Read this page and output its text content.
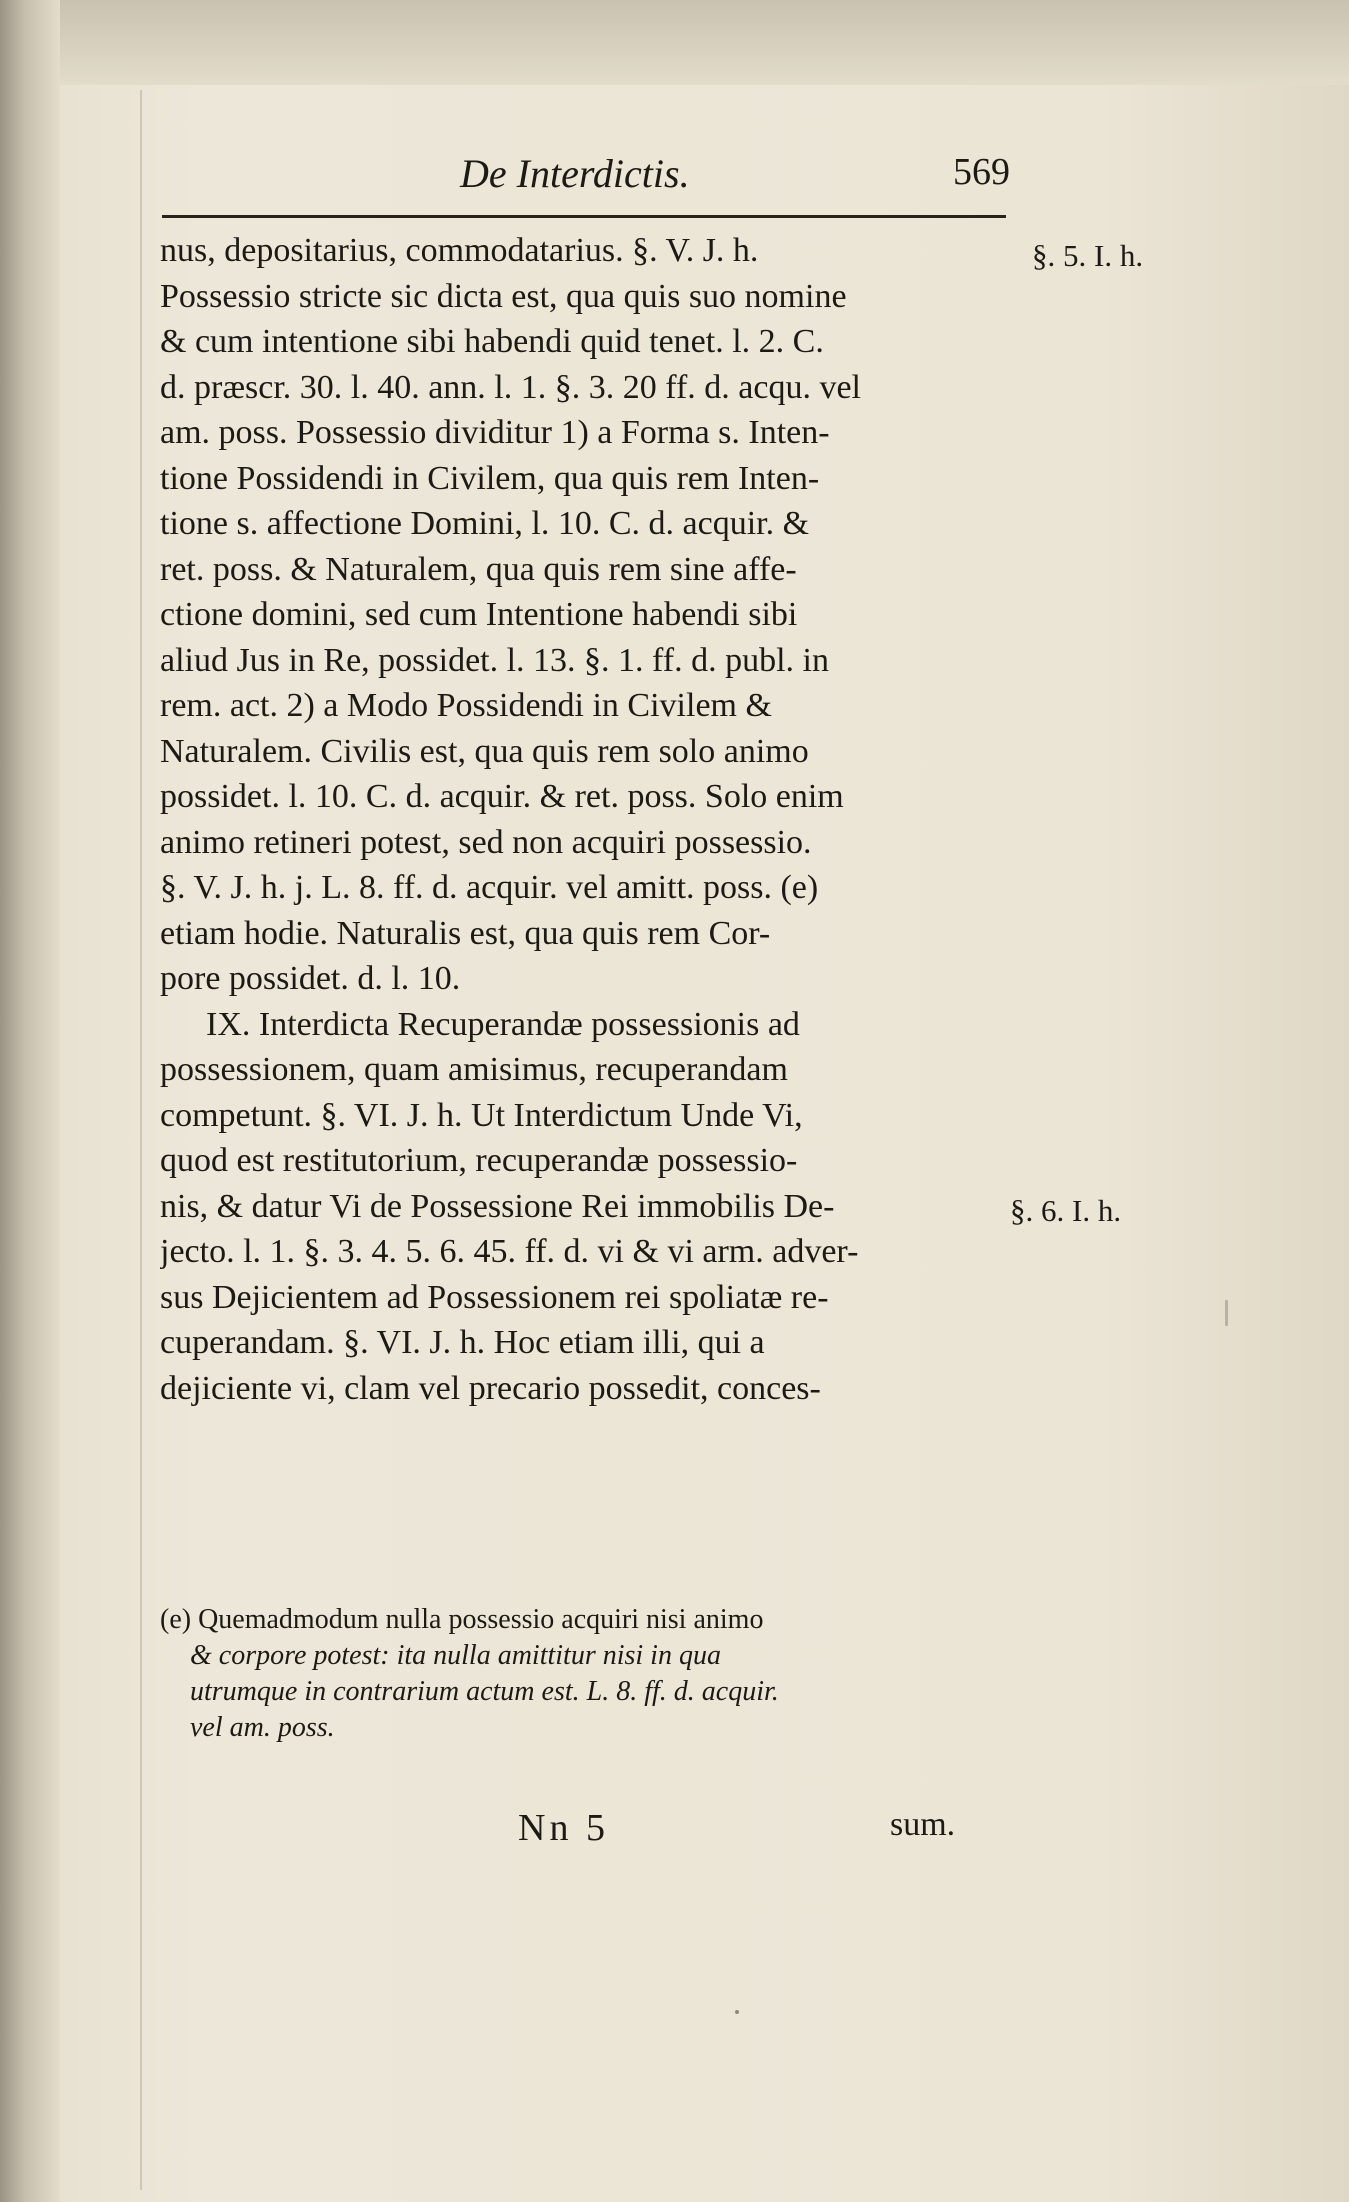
De Interdictis.	569
nus, depositarius, commodatarius. §. V. J. h.
Possessio stricte sic dicta est, qua quis suo nomine
& cum intentione sibi habendi quid tenet. l. 2. C.
d. præscr. 30. l. 40. ann. l. 1. §. 3. 20 ff. d. acqu. vel
am. poss. Possessio dividitur 1) a Forma s. Inten-
tione Possidendi in Civilem, qua quis rem Inten-
tione s. affectione Domini, l. 10. C. d. acquir. &
ret. poss. & Naturalem, qua quis rem sine affe-
ctione domini, sed cum Intentione habendi sibi
aliud Jus in Re, possidet. l. 13. §. 1. ff. d. publ. in
rem. act. 2) a Modo Possidendi in Civilem &
Naturalem. Civilis est, qua quis rem solo animo
possidet. l. 10. C. d. acquir. & ret. poss. Solo enim
animo retineri potest, sed non acquiri possessio.
§. V. J. h. j. L. 8. ff. d. acquir. vel amitt. poss. (e)
etiam hodie. Naturalis est, qua quis rem Cor-
pore possidet. d. l. 10.
IX. Interdicta Recuperandæ possessionis ad
possessionem, quam amisimus, recuperandam
competunt. §. VI. J. h. Ut Interdictum Unde Vi,
quod est restitutorium, recuperandæ possessio-
nis, & datur Vi de Possessione Rei immobilis De-
jecto. l. 1. §. 3. 4. 5. 6. 45. ff. d. vi & vi arm. adver-
sus Dejicientem ad Possessionem rei spoliatæ re-
cuperandam. §. VI. J. h. Hoc etiam illi, qui a
dejiciente vi, clam vel precario possedit, conces-
§. 5. I. h.
§. 6. I. h.
(e) Quemadmodum nulla possessio acquiri nisi animo
& corpore potest: ita nulla amittitur nisi in qua
utrumque in contrarium actum est. L. 8. ff. d. acquir.
vel am. poss.
Nn 5	sum.
